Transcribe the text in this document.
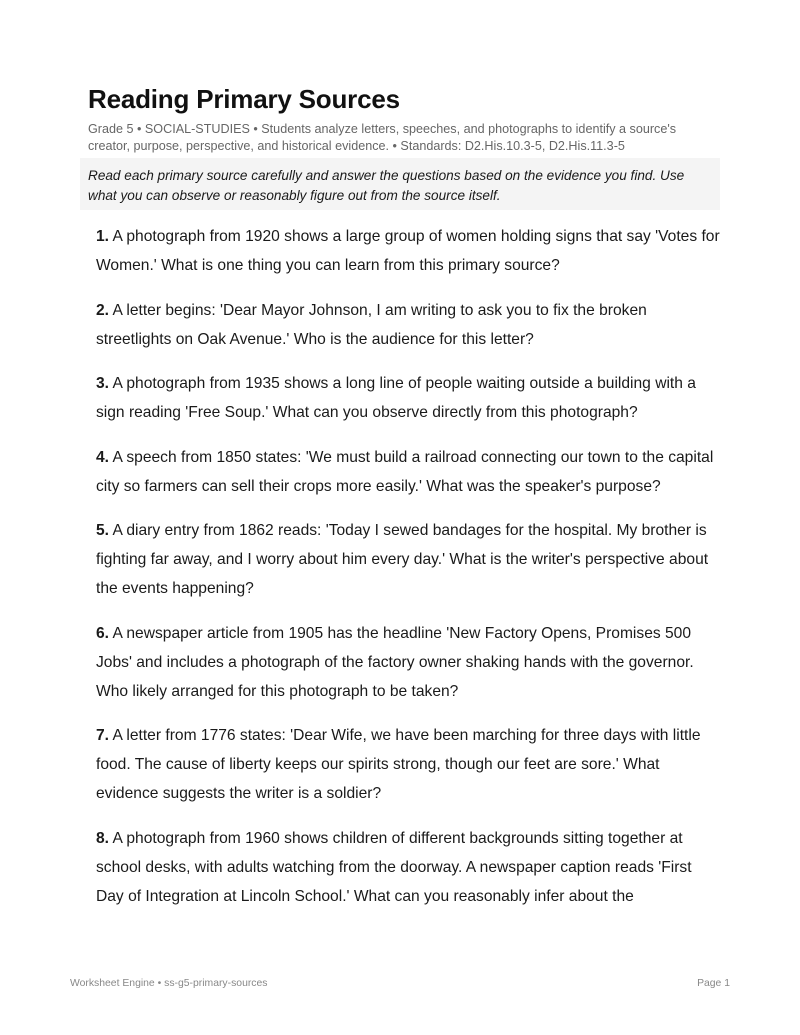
Reading Primary Sources

Grade 5 • SOCIAL-STUDIES • Students analyze letters, speeches, and photographs to identify a source's creator, purpose, perspective, and historical evidence. • Standards: D2.His.10.3-5, D2.His.11.3-5

Read each primary source carefully and answer the questions based on the evidence you find. Use what you can observe or reasonably figure out from the source itself.
1. A photograph from 1920 shows a large group of women holding signs that say 'Votes for Women.' What is one thing you can learn from this primary source?
2. A letter begins: 'Dear Mayor Johnson, I am writing to ask you to fix the broken streetlights on Oak Avenue.' Who is the audience for this letter?
3. A photograph from 1935 shows a long line of people waiting outside a building with a sign reading 'Free Soup.' What can you observe directly from this photograph?
4. A speech from 1850 states: 'We must build a railroad connecting our town to the capital city so farmers can sell their crops more easily.' What was the speaker's purpose?
5. A diary entry from 1862 reads: 'Today I sewed bandages for the hospital. My brother is fighting far away, and I worry about him every day.' What is the writer's perspective about the events happening?
6. A newspaper article from 1905 has the headline 'New Factory Opens, Promises 500 Jobs' and includes a photograph of the factory owner shaking hands with the governor. Who likely arranged for this photograph to be taken?
7. A letter from 1776 states: 'Dear Wife, we have been marching for three days with little food. The cause of liberty keeps our spirits strong, though our feet are sore.' What evidence suggests the writer is a soldier?
8. A photograph from 1960 shows children of different backgrounds sitting together at school desks, with adults watching from the doorway. A newspaper caption reads 'First Day of Integration at Lincoln School.' What can you reasonably infer about the
Worksheet Engine • ss-g5-primary-sources	Page 1
